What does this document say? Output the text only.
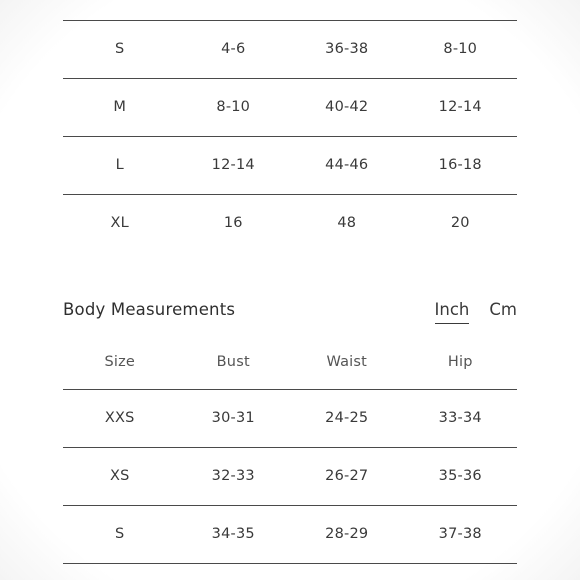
S	4-6	36-38	8-10
M	8-10	40-42	12-14
L	12-14	44-46	16-18
XL	16	48	20
Body Measurements	Inch Cm
Size	Bust	Waist	Hip
XXS	30-31	24-25	33-34
XS	32-33	26-27	35-36
S	34-35	28-29	37-38
